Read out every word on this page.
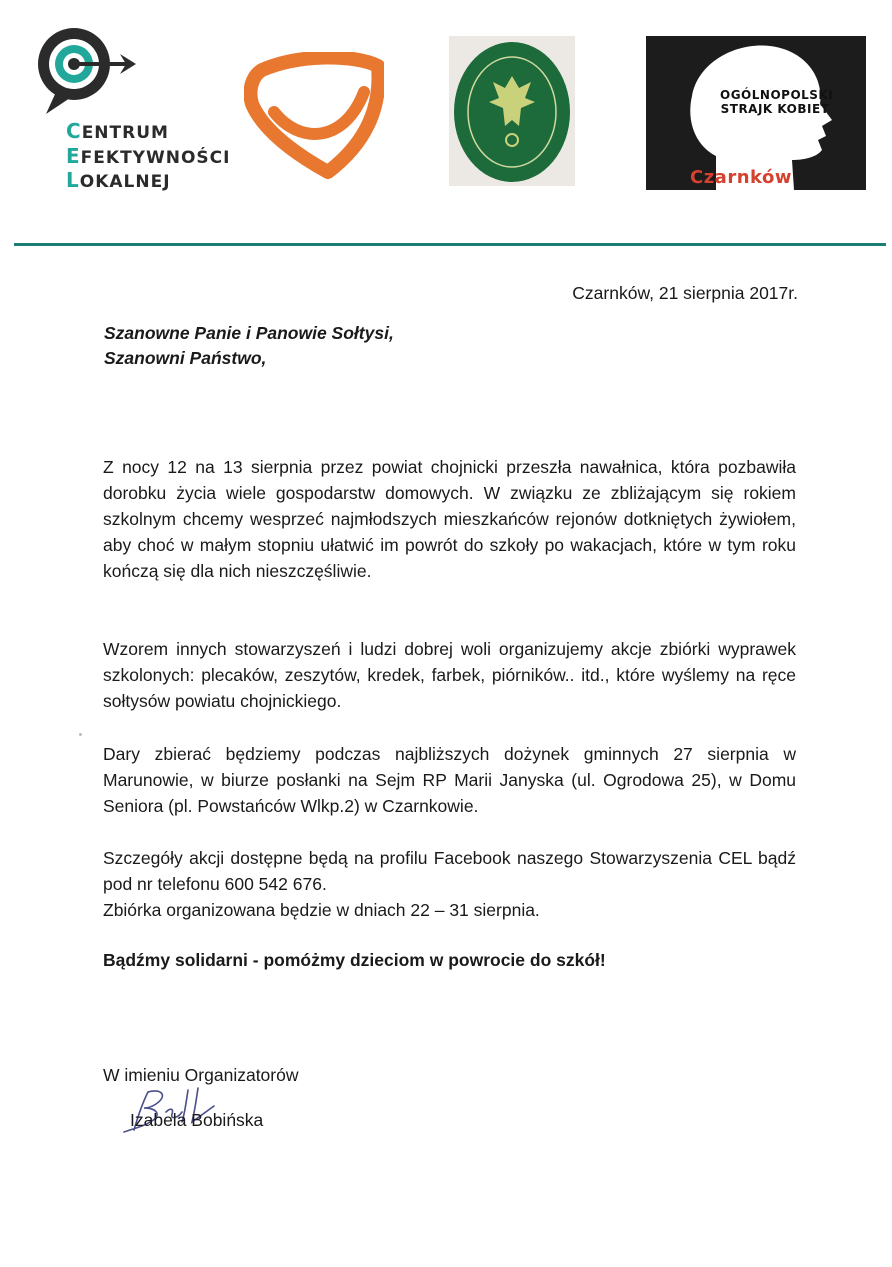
CENTRUM
EFEKTYWNOŚCI
LOKALNEJ
OGÓLNOPOLSKI STRAJK KOBIET
Czarnków
Czarnków, 21 sierpnia 2017r.
Szanowne Panie i Panowie Sołtysi,
Szanowni Państwo,

Z nocy 12 na 13 sierpnia przez powiat chojnicki przeszła nawałnica, która pozbawiła dorobku życia wiele gospodarstw domowych. W związku ze zbliżającym się rokiem szkolnym chcemy wesprzeć najmłodszych mieszkańców rejonów dotkniętych żywiołem, aby choć w małym stopniu ułatwić im powrót do szkoły po wakacjach, które w tym roku kończą się dla nich nieszczęśliwie.

Wzorem innych stowarzyszeń i ludzi dobrej woli organizujemy akcje zbiórki wyprawek szkolonych: plecaków, zeszytów, kredek, farbek, piórników.. itd., które wyślemy na ręce sołtysów powiatu chojnickiego.

Dary zbierać będziemy podczas najbliższych dożynek gminnych 27 sierpnia w Marunowie, w biurze posłanki na Sejm RP Marii Janyska (ul. Ogrodowa 25), w Domu Seniora (pl. Powstańców Wlkp.2) w Czarnkowie.

Szczegóły akcji dostępne będą na profilu Facebook naszego Stowarzyszenia CEL bądź pod nr telefonu 600 542 676.
Zbiórka organizowana będzie w dniach 22 – 31 sierpnia.

Bądźmy solidarni - pomóżmy dzieciom w powrocie do szkół!
W imieniu Organizatorów
Izabela Bobińska
